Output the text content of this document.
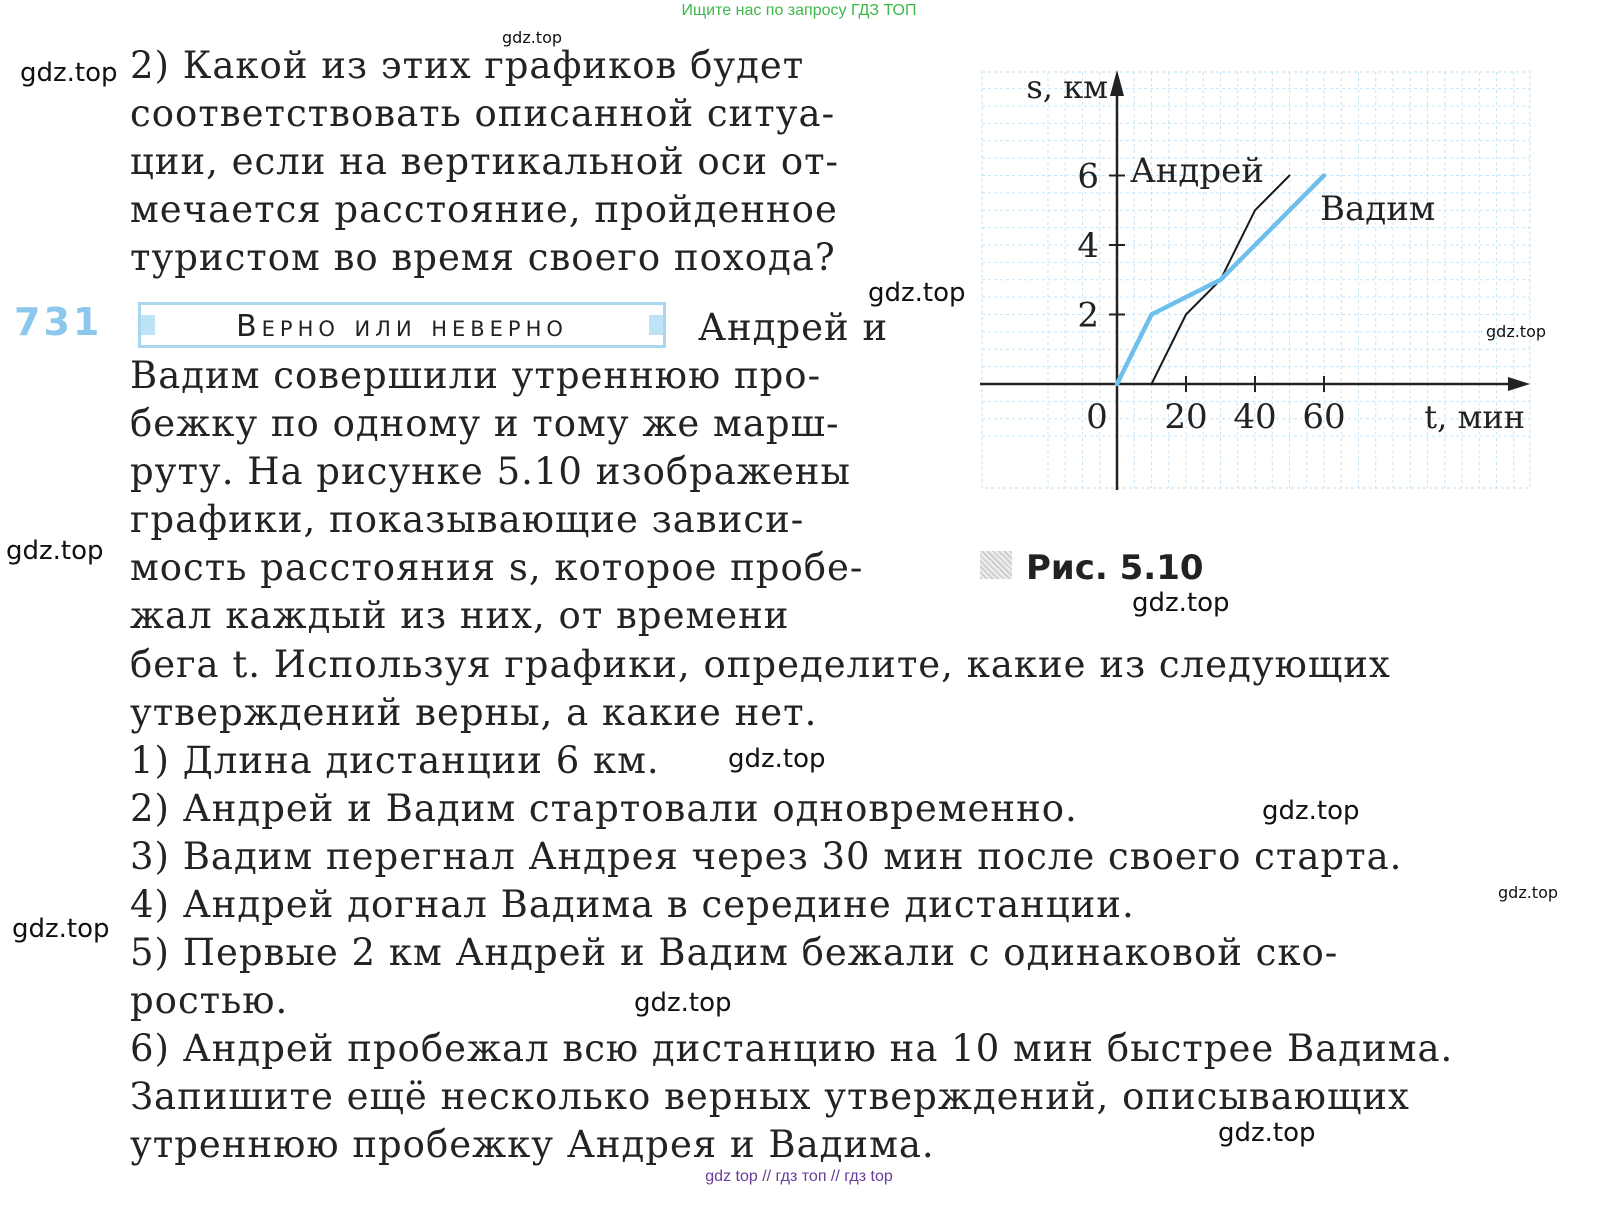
Ищите нас по запросу ГДЗ ТОП
2) Какой из этих графиков будет
соответствовать описанной ситуа-
ции, если на вертикальной оси от-
мечается расстояние, пройденное
туристом во время своего похода?
731	Верно или неверно	Андрей и
Вадим совершили утреннюю про-
бежку по одному и тому же марш-
руту. На рисунке 5.10 изображены
графики, показывающие зависи-
мость расстояния s, которое пробе-
жал каждый из них, от времени
бега t. Используя графики, определите, какие из следующих
утверждений верны, а какие нет.
1) Длина дистанции 6 км.
2) Андрей и Вадим стартовали одновременно.
3) Вадим перегнал Андрея через 30 мин после своего старта.
4) Андрей догнал Вадима в середине дистанции.
5) Первые 2 км Андрей и Вадим бежали с одинаковой ско-
ростью.
6) Андрей пробежал всю дистанцию на 10 мин быстрее Вадима.
Запишите ещё несколько верных утверждений, описывающих
утреннюю пробежку Андрея и Вадима.
0 20 40 60
2
4
6
s, км
t, мин
Андрей
Вадим
Рис. 5.10
gdz.top
gdz.top
gdz.top
gdz.top
gdz.top
gdz.top
gdz.top
gdz.top
gdz.top
gdz.top
gdz.top
gdz.top
gdz top // гдз топ // гдз top
